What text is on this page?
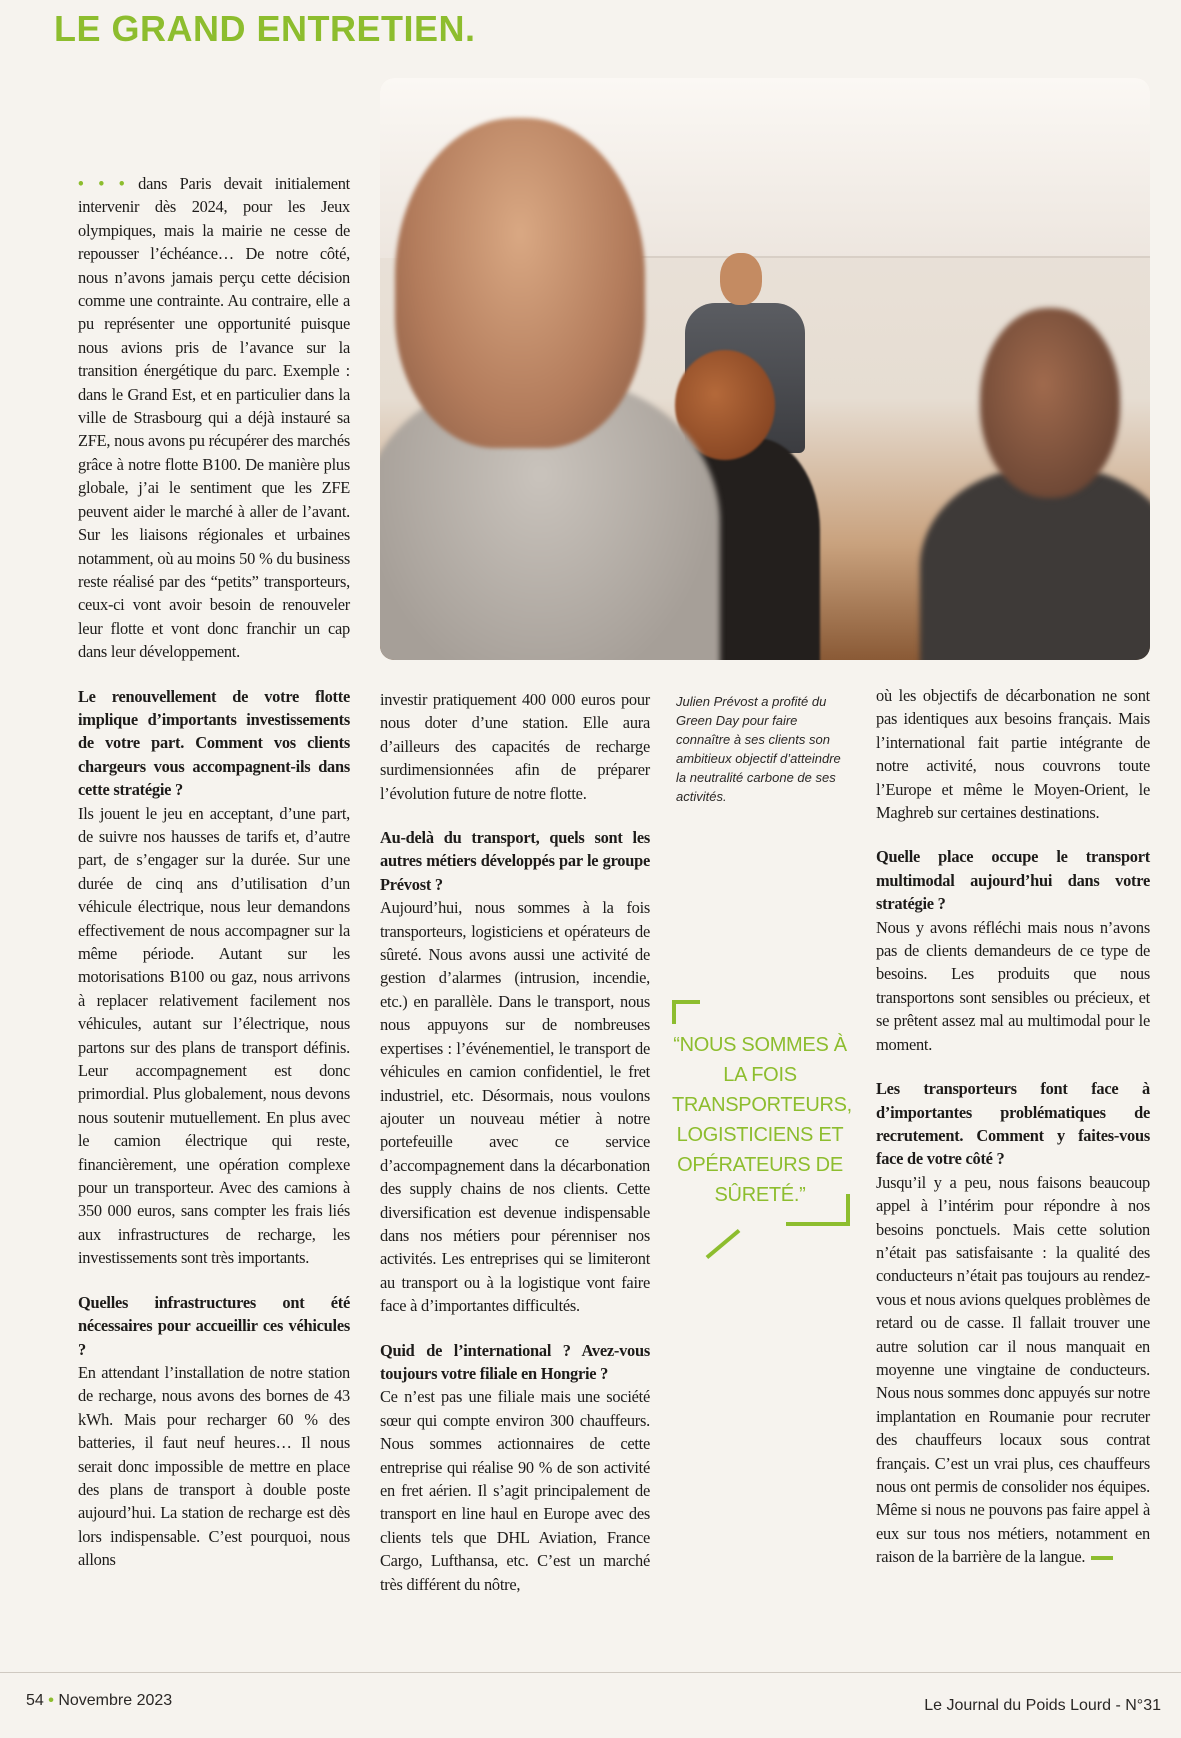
LE GRAND ENTRETIEN.

• • • dans Paris devait initialement intervenir dès 2024, pour les Jeux olympiques, mais la mairie ne cesse de repousser l’échéance… De notre côté, nous n’avons jamais perçu cette décision comme une contrainte. Au contraire, elle a pu représenter une opportunité puisque nous avions pris de l’avance sur la transition énergétique du parc. Exemple : dans le Grand Est, et en particulier dans la ville de Strasbourg qui a déjà instauré sa ZFE, nous avons pu récupérer des marchés grâce à notre flotte B100. De manière plus globale, j’ai le sentiment que les ZFE peuvent aider le marché à aller de l’avant. Sur les liaisons régionales et urbaines notamment, où au moins 50 % du business reste réalisé par des “petits” transporteurs, ceux-ci vont avoir besoin de renouveler leur flotte et vont donc franchir un cap dans leur développement.

Le renouvellement de votre flotte implique d’importants investissements de votre part. Comment vos clients chargeurs vous accompagnent-ils dans cette stratégie ?

Ils jouent le jeu en acceptant, d’une part, de suivre nos hausses de tarifs et, d’autre part, de s’engager sur la durée. Sur une durée de cinq ans d’utilisation d’un véhicule électrique, nous leur demandons effectivement de nous accompagner sur la même période. Autant sur les motorisations B100 ou gaz, nous arrivons à replacer relativement facilement nos véhicules, autant sur l’électrique, nous partons sur des plans de transport définis. Leur accompagnement est donc primordial. Plus globalement, nous devons nous soutenir mutuellement. En plus avec le camion électrique qui reste, financièrement, une opération complexe pour un transporteur. Avec des camions à 350 000 euros, sans compter les frais liés aux infrastructures de recharge, les investissements sont très importants.

Quelles infrastructures ont été nécessaires pour accueillir ces véhicules ?

En attendant l’installation de notre station de recharge, nous avons des bornes de 43 kWh. Mais pour recharger 60 % des batteries, il faut neuf heures… Il nous serait donc impossible de mettre en place des plans de transport à double poste aujourd’hui. La station de recharge est dès lors indispensable. C’est pourquoi, nous allons

investir pratiquement 400 000 euros pour nous doter d’une station. Elle aura d’ailleurs des capacités de recharge surdimensionnées afin de préparer l’évolution future de notre flotte.

Au-delà du transport, quels sont les autres métiers développés par le groupe Prévost ?

Aujourd’hui, nous sommes à la fois transporteurs, logisticiens et opérateurs de sûreté. Nous avons aussi une activité de gestion d’alarmes (intrusion, incendie, etc.) en parallèle. Dans le transport, nous nous appuyons sur de nombreuses expertises : l’événementiel, le transport de véhicules en camion confidentiel, le fret industriel, etc. Désormais, nous voulons ajouter un nouveau métier à notre portefeuille avec ce service d’accompagnement dans la décarbonation des supply chains de nos clients. Cette diversification est devenue indispensable dans nos métiers pour pérenniser nos activités. Les entreprises qui se limiteront au transport ou à la logistique vont faire face à d’importantes difficultés.

Quid de l’international ? Avez-vous toujours votre filiale en Hongrie ?

Ce n’est pas une filiale mais une société sœur qui compte environ 300 chauffeurs. Nous sommes actionnaires de cette entreprise qui réalise 90 % de son activité en fret aérien. Il s’agit principalement de transport en line haul en Europe avec des clients tels que DHL Aviation, France Cargo, Lufthansa, etc. C’est un marché très différent du nôtre,

Julien Prévost a profité du Green Day pour faire connaître à ses clients son ambitieux objectif d’atteindre la neutralité carbone de ses activités.
“NOUS SOMMES À LA FOIS TRANSPORTEURS, LOGISTICIENS ET OPÉRATEURS DE SÛRETÉ.”

où les objectifs de décarbonation ne sont pas identiques aux besoins français. Mais l’international fait partie intégrante de notre activité, nous couvrons toute l’Europe et même le Moyen-Orient, le Maghreb sur certaines destinations.

Quelle place occupe le transport multimodal aujourd’hui dans votre stratégie ?

Nous y avons réfléchi mais nous n’avons pas de clients demandeurs de ce type de besoins. Les produits que nous transportons sont sensibles ou précieux, et se prêtent assez mal au multimodal pour le moment.

Les transporteurs font face à d’importantes problématiques de recrutement. Comment y faites-vous face de votre côté ?

Jusqu’il y a peu, nous faisons beaucoup appel à l’intérim pour répondre à nos besoins ponctuels. Mais cette solution n’était pas satisfaisante : la qualité des conducteurs n’était pas toujours au rendez-vous et nous avions quelques problèmes de retard ou de casse. Il fallait trouver une autre solution car il nous manquait en moyenne une vingtaine de conducteurs. Nous nous sommes donc appuyés sur notre implantation en Roumanie pour recruter des chauffeurs locaux sous contrat français. C’est un vrai plus, ces chauffeurs nous ont permis de consolider nos équipes. Même si nous ne pouvons pas faire appel à eux sur tous nos métiers, notamment en raison de la barrière de la langue.

54 • Novembre 2023	Le Journal du Poids Lourd - N°31
